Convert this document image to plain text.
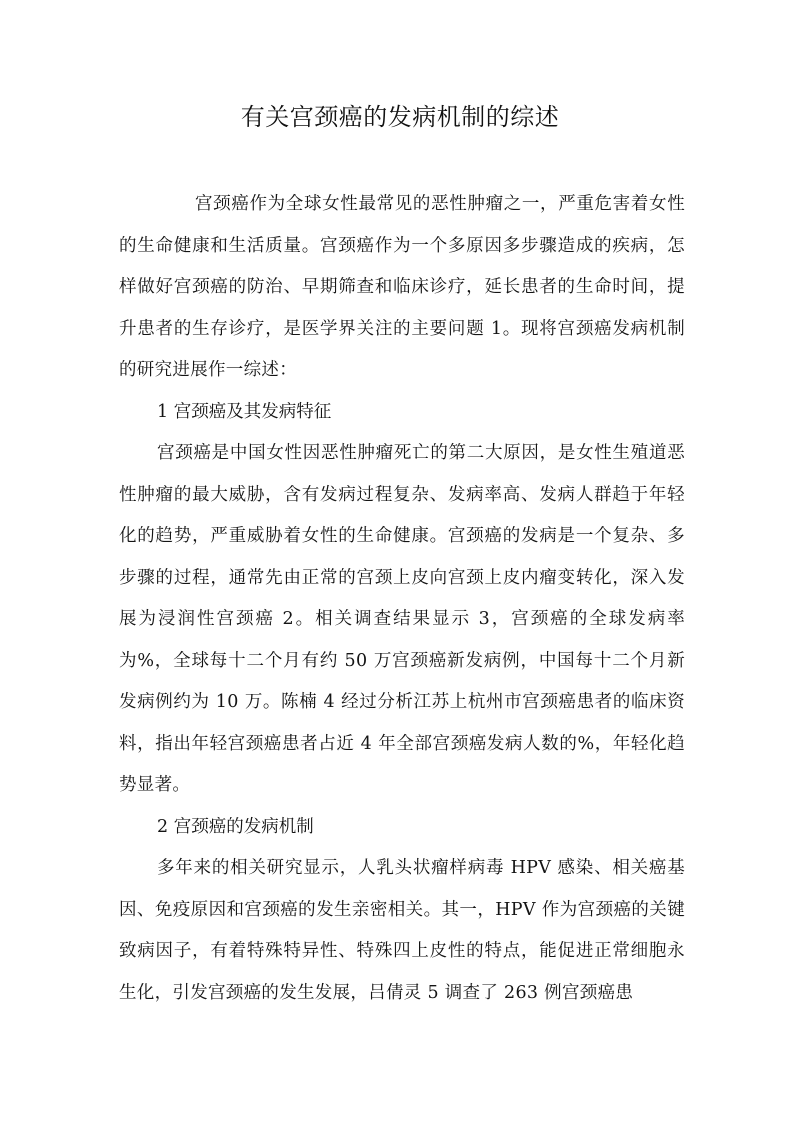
有关宫颈癌的发病机制的综述

宫颈癌作为全球女性最常见的恶性肿瘤之一，严重危害着女性的生命健康和生活质量。宫颈癌作为一个多原因多步骤造成的疾病，怎样做好宫颈癌的防治、早期筛查和临床诊疗，延长患者的生命时间，提升患者的生存诊疗，是医学界关注的主要问题 1。现将宫颈癌发病机制的研究进展作一综述：

1 宫颈癌及其发病特征

宫颈癌是中国女性因恶性肿瘤死亡的第二大原因，是女性生殖道恶性肿瘤的最大威胁，含有发病过程复杂、发病率高、发病人群趋于年轻化的趋势，严重威胁着女性的生命健康。宫颈癌的发病是一个复杂、多步骤的过程，通常先由正常的宫颈上皮向宫颈上皮内瘤变转化，深入发展为浸润性宫颈癌 2。相关调查结果显示 3，宫颈癌的全球发病率为%，全球每十二个月有约 50 万宫颈癌新发病例，中国每十二个月新发病例约为 10 万。陈楠 4 经过分析江苏上杭州市宫颈癌患者的临床资料，指出年轻宫颈癌患者占近 4 年全部宫颈癌发病人数的%，年轻化趋势显著。

2 宫颈癌的发病机制

多年来的相关研究显示，人乳头状瘤样病毒 HPV 感染、相关癌基因、免疫原因和宫颈癌的发生亲密相关。其一，HPV 作为宫颈癌的关键致病因子，有着特殊特异性、特殊四上皮性的特点，能促进正常细胞永生化，引发宫颈癌的发生发展，吕倩灵 5 调查了 263 例宫颈癌患
